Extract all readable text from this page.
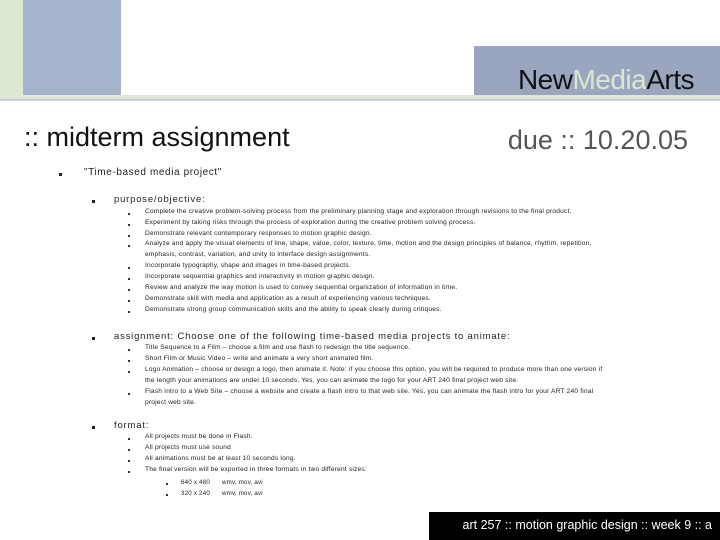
NewMediaArts
:: midterm assignment	due :: 10.20.05
"Time-based media project"
purpose/objective:
Complete the creative problem-solving process from the preliminary planning stage and exploration through revisions to the final product.
Experiment by taking risks through the process of exploration during the creative problem solving process.
Demonstrate relevant contemporary responses to motion graphic design.
Analyze and apply the visual elements of line, shape, value, color, texture, time, motion and the design principles of balance, rhythm, repetition,
emphasis, contrast, variation, and unity to interface design assignments.
Incorporate typography, shape and images in time-based projects.
Incorporate sequential graphics and interactivity in motion graphic design.
Review and analyze the way motion is used to convey sequential organization of information in time.
Demonstrate skill with media and application as a result of experiencing various techniques.
Demonstrate strong group communication skills and the ability to speak clearly during critiques.
assignment: Choose one of the following time-based media projects to animate:
Title Sequence to a Film – choose a film and use flash to redesign the title sequence.
Short Film or Music Video – write and animate a very short animated film.
Logo Animation – choose or design a logo, then animate it. Note: if you choose this option, you will be required to produce more than one version if
the length your animations are under 10 seconds. Yes, you can animate the logo for your ART 240 final project web site.
Flash Intro to a Web Site – choose a website and create a flash intro to that web site. Yes, you can animate the flash intro for your ART 240 final
project web site.
format:
All projects must be done in Flash.
All projects must use sound
All animations must be at least 10 seconds long.
The final version will be exported in three formats in two different sizes:
640 x 480 wmv, mov, avi
320 x 240 wmv, mov, avi
art 257 :: motion graphic design :: week 9 :: a
